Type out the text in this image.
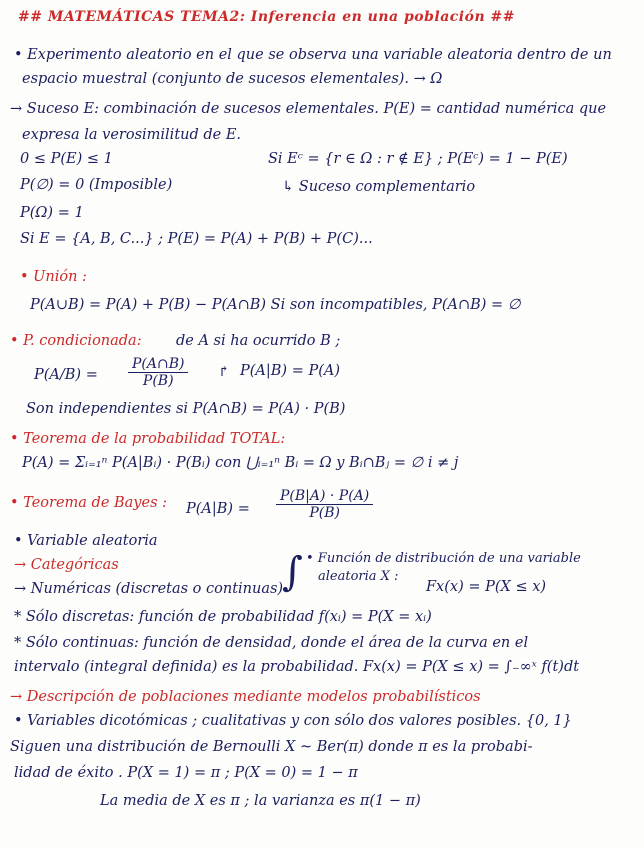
## MATEMÁTICAS TEMA2: Inferencia en una población ##
• Experimento aleatorio en el que se observa una variable aleatoria dentro de un
espacio muestral (conjunto de sucesos elementales). → Ω
→ Suceso E: combinación de sucesos elementales. P(E) = cantidad numérica que
expresa la verosimilitud de E.
0 ≤ P(E) ≤ 1	Si Eᶜ = {r ∈ Ω : r ∉ E} ; P(Eᶜ) = 1 − P(E)
P(∅) = 0 (Imposible)	↳ Suceso complementario
P(Ω) = 1
Si E = {A, B, C...} ; P(E) = P(A) + P(B) + P(C)...
• Unión :
P(A∪B) = P(A) + P(B) − P(A∩B) Si son incompatibles, P(A∩B) = ∅
• P. condicionada: de A si ha ocurrido B ;
$P(A/B) = \frac{P(A\cap B)}{P(B)}$ ↱ P(A|B) = P(A)
Son independientes si P(A∩B) = P(A) · P(B)
• Teorema de la probabilidad TOTAL:
P(A) = Σᵢ₌₁ⁿ P(A|Bᵢ) · P(Bᵢ) con ⋃ᵢ₌₁ⁿ Bᵢ = Ω y Bᵢ∩Bⱼ = ∅ i ≠ j
• Teorema de Bayes : $P(A|B) = \frac{P(B|A) \cdot P(A)}{P(B)}$
• Variable aleatoria
→ Categóricas
→ Numéricas (discretas o continuas)
∫ • Función de distribución de una variable
aleatoria X :
Fx(x) = P(X ≤ x)
* Sólo discretas: función de probabilidad f(xᵢ) = P(X = xᵢ)
* Sólo continuas: función de densidad, donde el área de la curva en el
intervalo (integral definida) es la probabilidad. Fx(x) = P(X ≤ x) = ∫₋∞ˣ f(t)dt
→ Descripción de poblaciones mediante modelos probabilísticos
• Variables dicotómicas ; cualitativas y con sólo dos valores posibles. {0, 1}
Siguen una distribución de Bernoulli X ~ Ber(π) donde π es la probabi-
lidad de éxito . P(X = 1) = π ; P(X = 0) = 1 − π
La media de X es π ; la varianza es π(1 − π)
